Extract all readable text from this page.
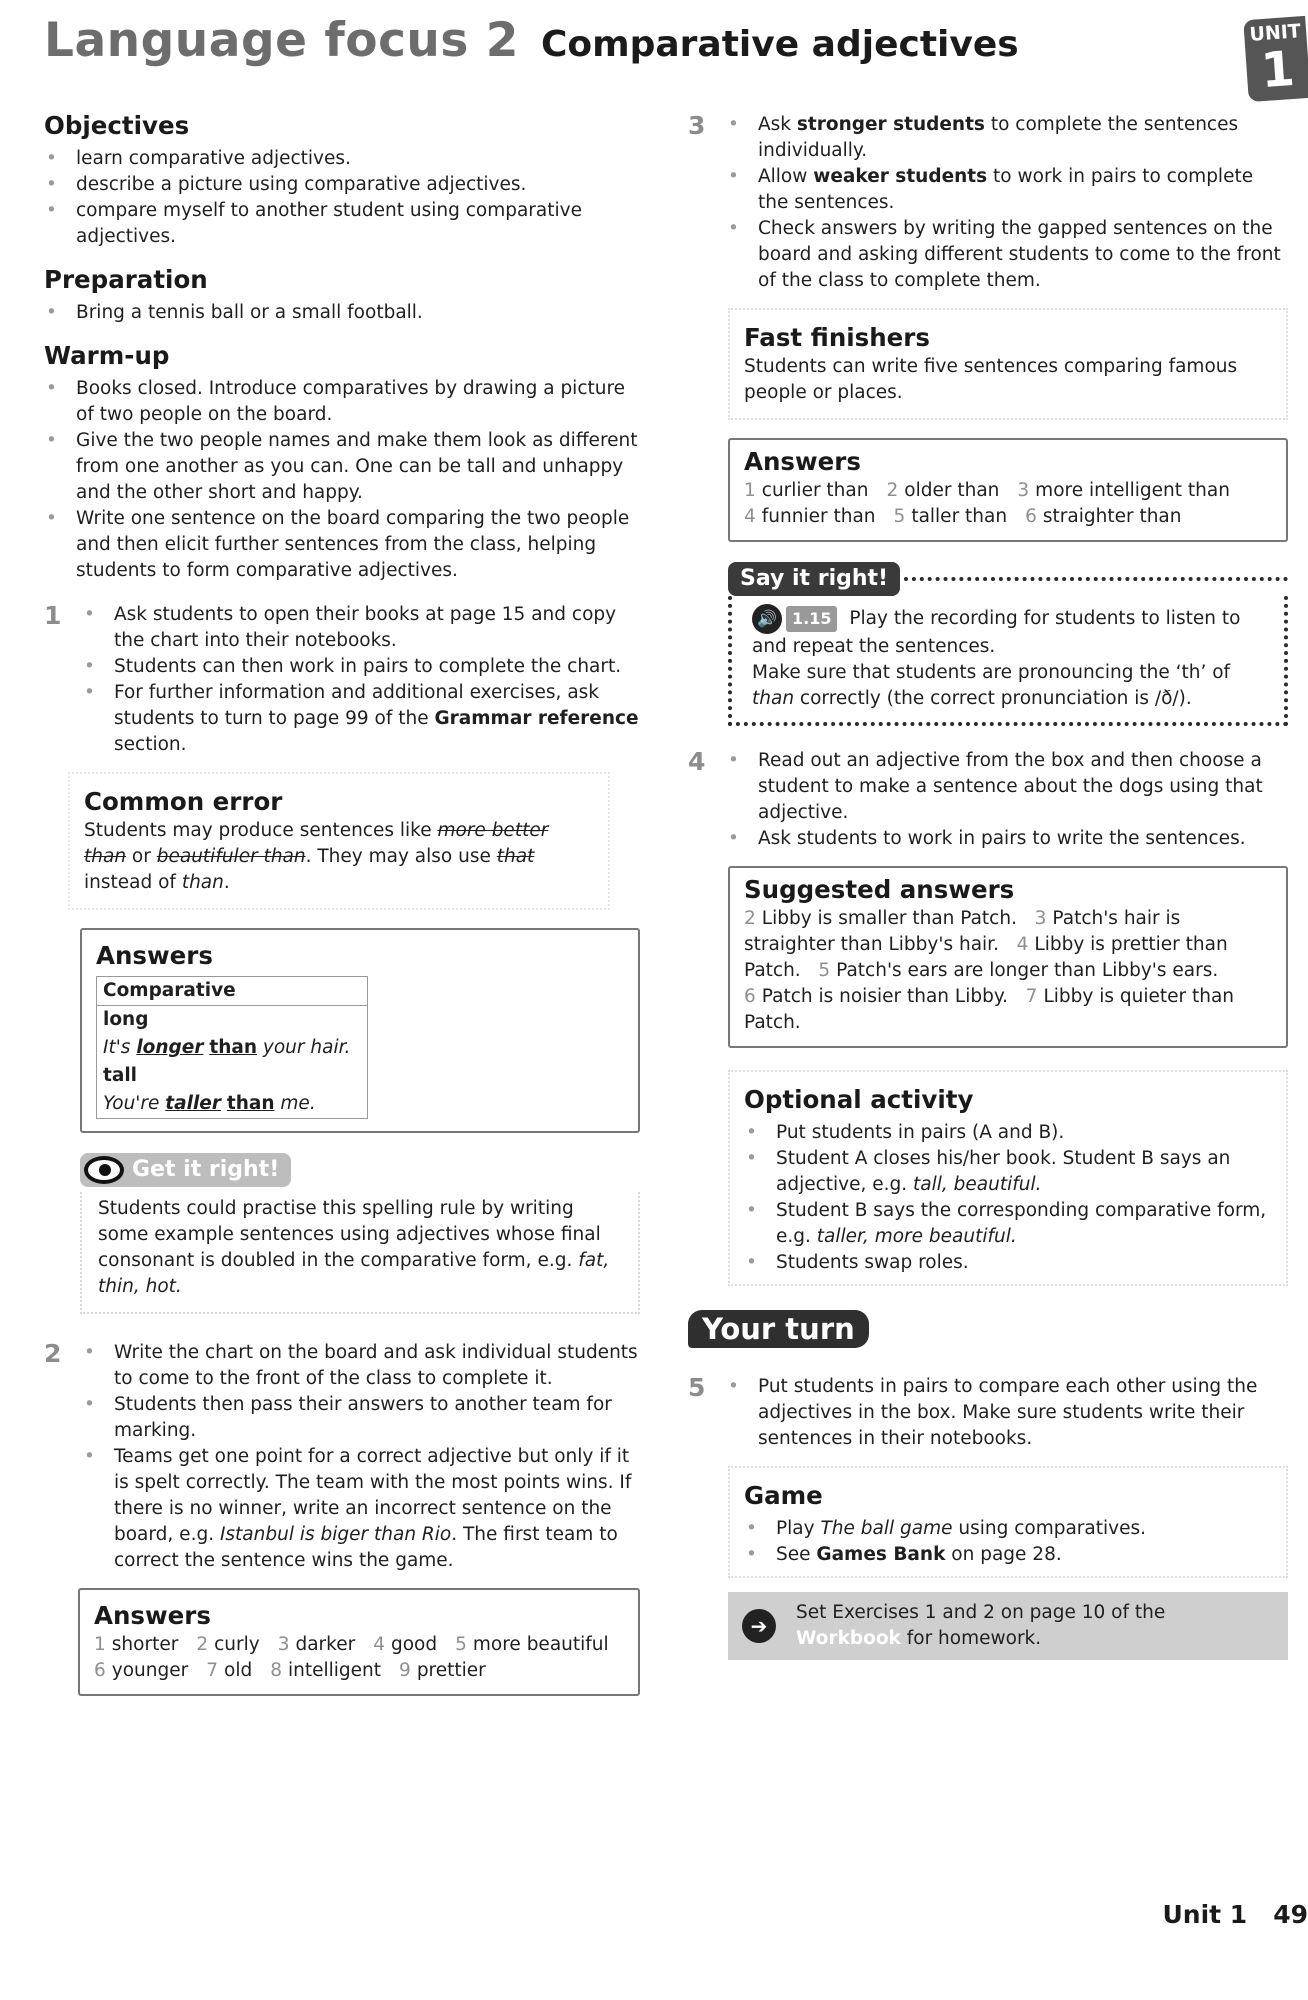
Language focus 2 Comparative adjectives	UNIT
1
Objectives
• learn comparative adjectives.
• describe a picture using comparative adjectives.
• compare myself to another student using comparative adjectives.
Preparation
• Bring a tennis ball or a small football.
Warm-up
• Books closed. Introduce comparatives by drawing a picture of two people on the board.
• Give the two people names and make them look as different from one another as you can. One can be tall and unhappy and the other short and happy.
• Write one sentence on the board comparing the two people and then elicit further sentences from the class, helping students to form comparative adjectives.
1	• Ask students to open their books at page 15 and copy the chart into their notebooks.
• Students can then work in pairs to complete the chart.
• For further information and additional exercises, ask students to turn to page 99 of the Grammar reference section.
Common error
Students may produce sentences like more better than or beautifuler than. They may also use that instead of than.
Answers
Comparative
long
It's longer than your hair.
tall
You're taller than me.
Get it right!
Students could practise this spelling rule by writing some example sentences using adjectives whose final consonant is doubled in the comparative form, e.g. fat, thin, hot.
2	• Write the chart on the board and ask individual students to come to the front of the class to complete it.
• Students then pass their answers to another team for marking.
• Teams get one point for a correct adjective but only if it is spelt correctly. The team with the most points wins. If there is no winner, write an incorrect sentence on the board, e.g. Istanbul is biger than Rio. The first team to correct the sentence wins the game.
Answers
1 shorter 2 curly 3 darker 4 good 5 more beautiful
6 younger 7 old 8 intelligent 9 prettier
3	• Ask stronger students to complete the sentences individually.
• Allow weaker students to work in pairs to complete the sentences.
• Check answers by writing the gapped sentences on the board and asking different students to come to the front of the class to complete them.
Fast finishers
Students can write five sentences comparing famous people or places.
Answers
1 curlier than 2 older than 3 more intelligent than
4 funnier than 5 taller than 6 straighter than
Say it right!
🔊 1.15 Play the recording for students to listen to and repeat the sentences.
Make sure that students are pronouncing the ‘th’ of than correctly (the correct pronunciation is /ð/).
4	• Read out an adjective from the box and then choose a student to make a sentence about the dogs using that adjective.
• Ask students to work in pairs to write the sentences.
Suggested answers
2 Libby is smaller than Patch. 3 Patch's hair is straighter than Libby's hair. 4 Libby is prettier than Patch. 5 Patch's ears are longer than Libby's ears.   6 Patch is noisier than Libby. 7 Libby is quieter than Patch.
Optional activity
• Put students in pairs (A and B).
• Student A closes his/her book. Student B says an adjective, e.g. tall, beautiful.
• Student B says the corresponding comparative form, e.g. taller, more beautiful.
• Students swap roles.
Your turn
5	• Put students in pairs to compare each other using the adjectives in the box. Make sure students write their sentences in their notebooks.
Game
• Play The ball game using comparatives.
• See Games Bank on page 28.
➔
Set Exercises 1 and 2 on page 10 of the Workbook for homework.
Unit 1 49
